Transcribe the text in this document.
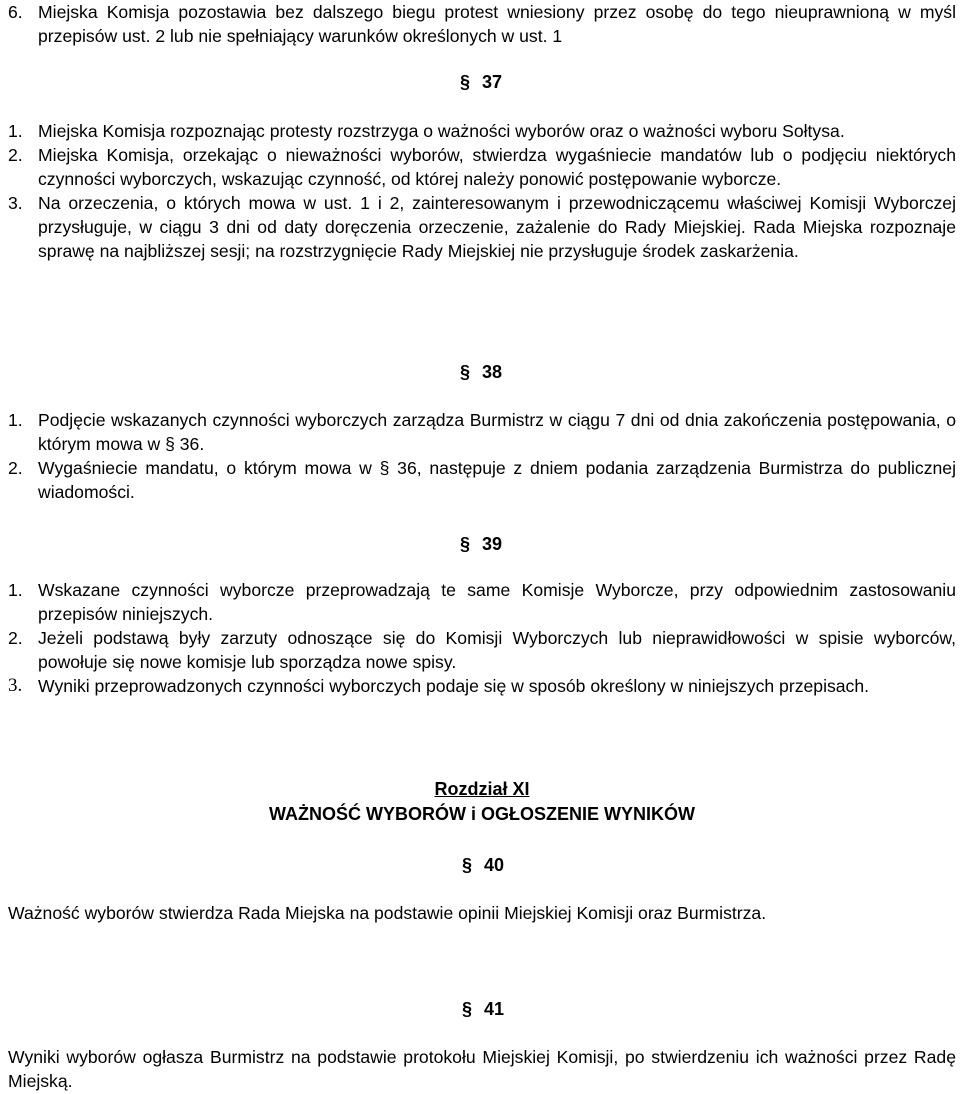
6. Miejska Komisja pozostawia bez dalszego biegu protest wniesiony przez osobę do tego nieuprawnioną w myśl przepisów ust. 2 lub nie spełniający warunków określonych w ust. 1
§ 37
1. Miejska Komisja rozpoznając protesty rozstrzyga o ważności wyborów oraz o ważności wyboru Sołtysa.
2. Miejska Komisja, orzekając o nieważności wyborów, stwierdza wygaśniecie mandatów lub o podjęciu niektórych czynności wyborczych, wskazując czynność, od której należy ponowić postępowanie wyborcze.
3. Na orzeczenia, o których mowa w ust. 1 i 2, zainteresowanym i przewodniczącemu właściwej Komisji Wyborczej przysługuje, w ciągu 3 dni od daty doręczenia orzeczenie, zażalenie do Rady Miejskiej. Rada Miejska rozpoznaje sprawę na najbliższej sesji; na rozstrzygnięcie Rady Miejskiej nie przysługuje środek zaskarżenia.
§ 38
1. Podjęcie wskazanych czynności wyborczych zarządza Burmistrz w ciągu 7 dni od dnia zakończenia postępowania, o którym mowa w § 36.
2. Wygaśniecie mandatu, o którym mowa w § 36, następuje z dniem podania zarządzenia Burmistrza do publicznej wiadomości.
§ 39
1. Wskazane czynności wyborcze przeprowadzają te same Komisje Wyborcze, przy odpowiednim zastosowaniu przepisów niniejszych.
2. Jeżeli podstawą były zarzuty odnoszące się do Komisji Wyborczych lub nieprawidłowości w spisie wyborców, powołuje się nowe komisje lub sporządza nowe spisy.
3. Wyniki przeprowadzonych czynności wyborczych podaje się w sposób określony w niniejszych przepisach.
Rozdział XI
WAŻNOŚĆ WYBORÓW i OGŁOSZENIE WYNIKÓW
§ 40
Ważność wyborów stwierdza Rada Miejska na podstawie opinii Miejskiej Komisji oraz Burmistrza.
§ 41
Wyniki wyborów ogłasza Burmistrz na podstawie protokołu Miejskiej Komisji, po stwierdzeniu ich ważności przez Radę Miejską.
